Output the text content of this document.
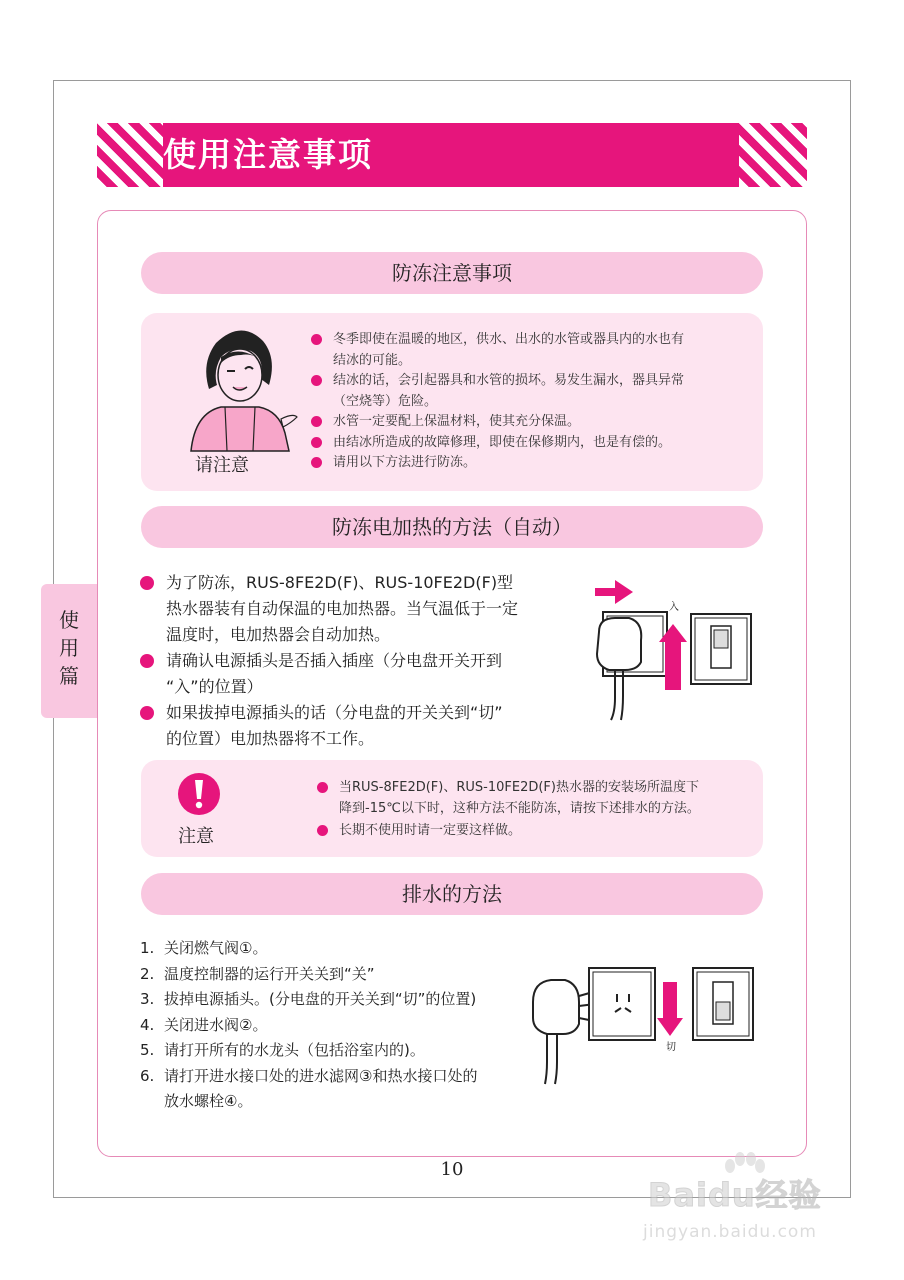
使用注意事项
使
用
篇
防冻注意事项
请注意
冬季即使在温暖的地区，供水、出水的水管或器具内的水也有
结冰的可能。
结冰的话，会引起器具和水管的损坏。易发生漏水，器具异常
（空烧等）危险。
水管一定要配上保温材料，使其充分保温。
由结冰所造成的故障修理，即使在保修期内，也是有偿的。
请用以下方法进行防冻。
防冻电加热的方法（自动）
为了防冻，RUS-8FE2D(F)、RUS-10FE2D(F)型
热水器装有自动保温的电加热器。当气温低于一定
温度时，电加热器会自动加热。
请确认电源插头是否插入插座（分电盘开关开到
“入”的位置）
如果拔掉电源插头的话（分电盘的开关关到“切”
的位置）电加热器将不工作。
入
注意
当RUS-8FE2D(F)、RUS-10FE2D(F)热水器的安装场所温度下
降到-15℃以下时，这种方法不能防冻，请按下述排水的方法。
长期不使用时请一定要这样做。
排水的方法
1. 关闭燃气阀①。
2. 温度控制器的运行开关关到“关”
3. 拔掉电源插头。(分电盘的开关关到“切”的位置)
4. 关闭进水阀②。
5. 请打开所有的水龙头（包括浴室内的)。
6. 请打开进水接口处的进水滤网③和热水接口处的
放水螺栓④。
切
10
Baidu经验
jingyan.baidu.com
